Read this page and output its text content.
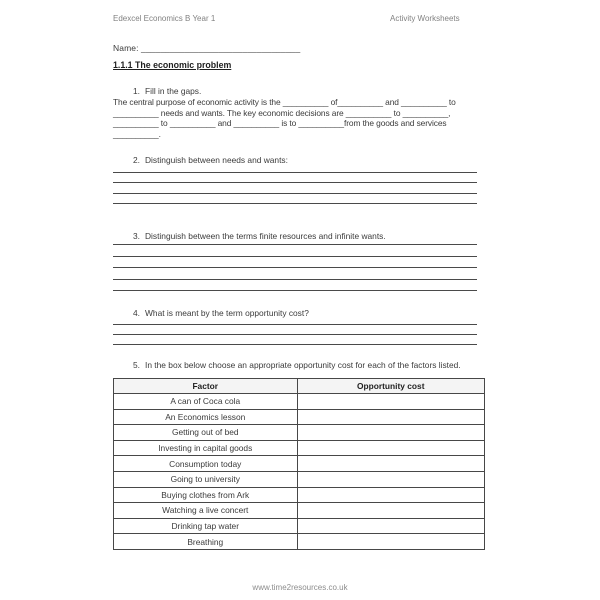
Edexcel Economics B Year 1	Activity Worksheets
Name: _________________________________
1.1.1 The economic problem
1. Fill in the gaps.
The central purpose of economic activity is the __________ of__________ and __________ to
__________ needs and wants. The key economic decisions are __________ to __________,
__________ to __________ and __________ is to __________from the goods and services
__________.
2. Distinguish between needs and wants:
3. Distinguish between the terms finite resources and infinite wants.
4. What is meant by the term opportunity cost?
5. In the box below choose an appropriate opportunity cost for each of the factors listed.
Factor	Opportunity cost
A can of Coca cola	
An Economics lesson	
Getting out of bed	
Investing in capital goods	
Consumption today	
Going to university	
Buying clothes from Ark	
Watching a live concert	
Drinking tap water	
Breathing	
www.time2resources.co.uk
